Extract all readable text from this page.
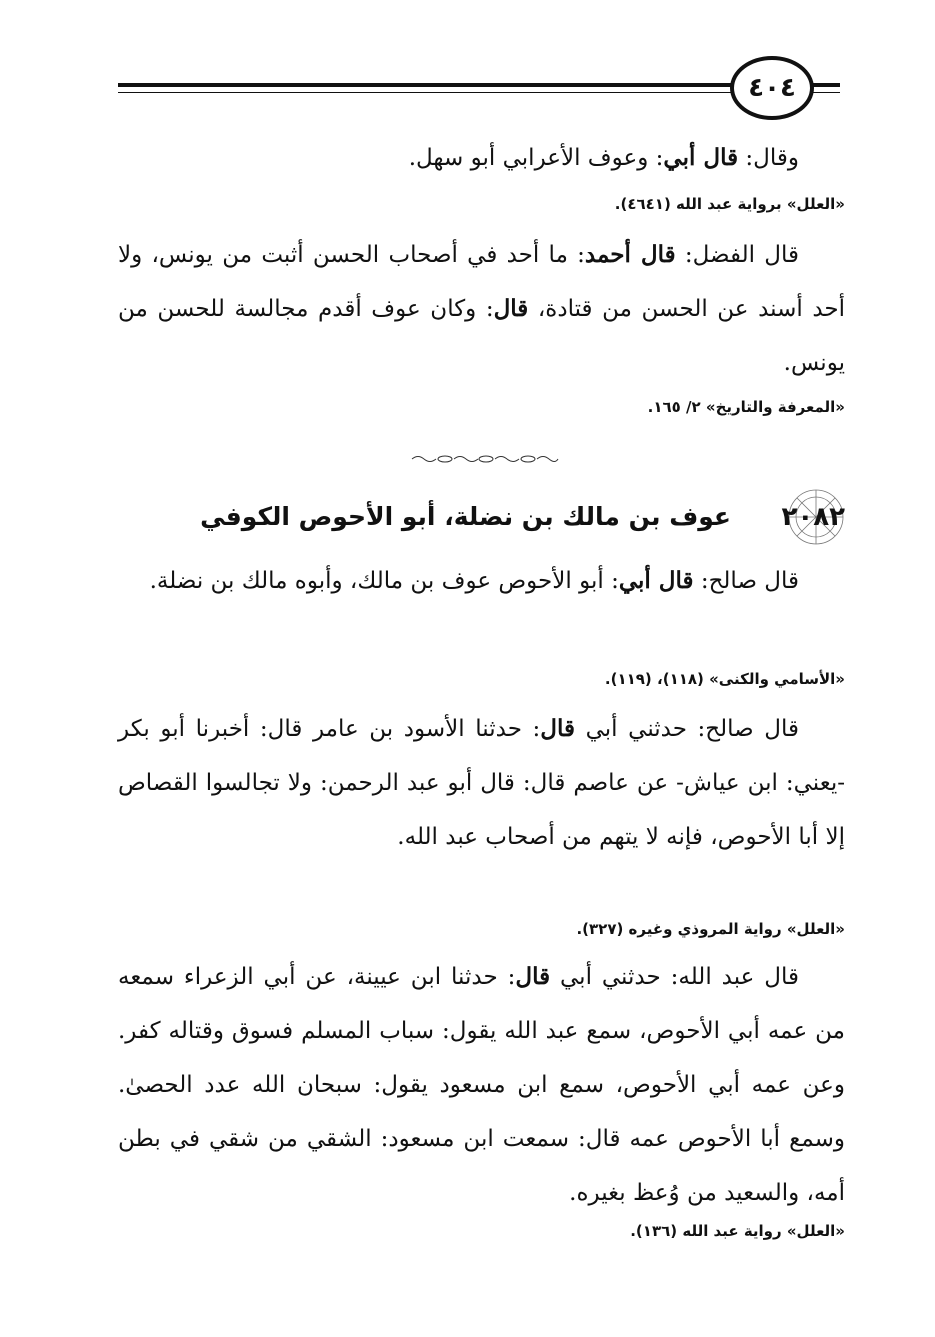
٤٠٤

وقال: قال أبي: وعوف الأعرابي أبو سهل.

«العلل» برواية عبد الله (٤٦٤١).

قال الفضل: قال أحمد: ما أحد في أصحاب الحسن أثبت من يونس، ولا أحد أسند عن الحسن من قتادة، قال: وكان عوف أقدم مجالسة للحسن من يونس.

«المعرفة والتاريخ» ٢/ ١٦٥.

٢٠٨٢
عوف بن مالك بن نضلة، أبو الأحوص الكوفي

قال صالح: قال أبي: أبو الأحوص عوف بن مالك، وأبوه مالك بن نضلة.

«الأسامي والكنى» (١١٨)، (١١٩).

قال صالح: حدثني أبي قال: حدثنا الأسود بن عامر قال: أخبرنا أبو بكر -يعني: ابن عياش- عن عاصم قال: قال أبو عبد الرحمن: ولا تجالسوا القصاص إلا أبا الأحوص، فإنه لا يتهم من أصحاب عبد الله.

«العلل» رواية المروذي وغيره (٣٢٧).

قال عبد الله: حدثني أبي قال: حدثنا ابن عيينة، عن أبي الزعراء سمعه من عمه أبي الأحوص، سمع عبد الله يقول: سباب المسلم فسوق وقتاله كفر. وعن عمه أبي الأحوص، سمع ابن مسعود يقول: سبحان الله عدد الحصىٰ. وسمع أبا الأحوص عمه قال: سمعت ابن مسعود: الشقي من شقي في بطن أمه، والسعيد من وُعظ بغيره.

«العلل» رواية عبد الله (١٣٦).
